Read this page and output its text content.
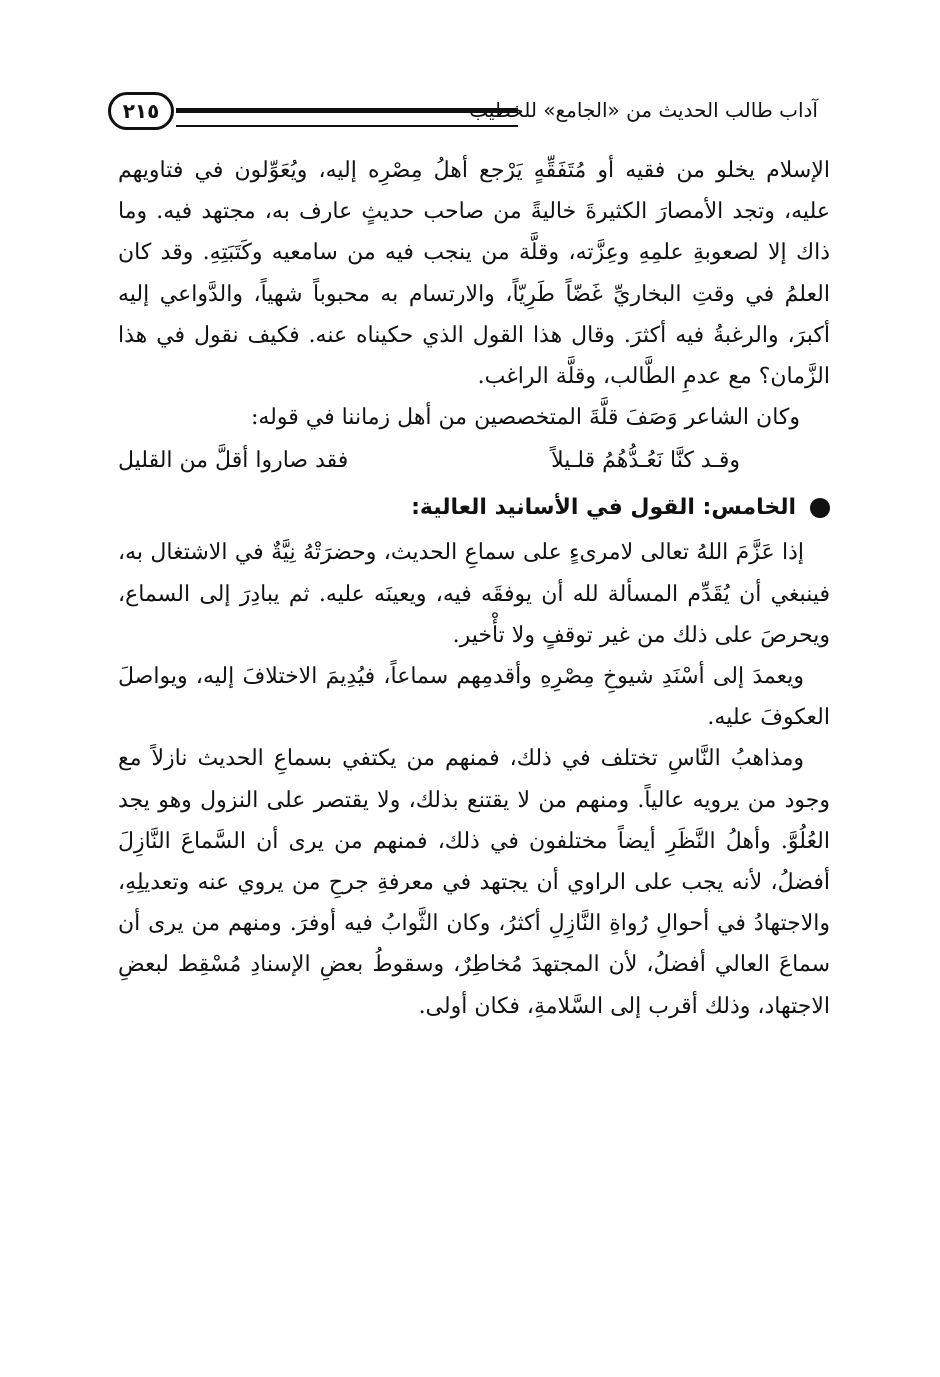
آداب طالب الحديث من «الجامع» للخطيب
٢١٥

الإسلام يخلو من فقيه أو مُتَفَقِّهٍ يَرْجع أهلُ مِصْرِه إليه، ويُعَوِّلون في فتاويهم عليه، وتجد الأمصارَ الكثيرةَ خاليةً من صاحب حديثٍ عارف به، مجتهد فيه. وما ذاك إلا لصعوبةِ علمِهِ وعِزَّته، وقلَّة من ينجب فيه من سامعيه وكَتَبَتِهِ. وقد كان العلمُ في وقتِ البخاريِّ غَضّاً طَرِيّاً، والارتسام به محبوباً شهياً، والدَّواعي إليه أكبرَ، والرغبةُ فيه أكثرَ. وقال هذا القول الذي حكيناه عنه. فكيف نقول في هذا الزَّمان؟ مع عدمِ الطَّالب، وقلَّة الراغب.

وكان الشاعر وَصَفَ قلَّةَ المتخصصين من أهل زماننا في قوله:

وقـد كنَّا نَعُـدُّهُمُ قلـيلاً
فقد صاروا أقلَّ من القليل
الخامس: القول في الأسانيد العالية:

إذا عَزَّمَ اللهُ تعالى لامرىءٍ على سماعِ الحديث، وحضرَتْهُ نِيَّةٌ في الاشتغال به، فينبغي أن يُقَدِّم المسألة لله أن يوفقَه فيه، ويعينَه عليه. ثم يبادِرَ إلى السماع، ويحرصَ على ذلك من غير توقفٍ ولا تأْخير.

ويعمدَ إلى أسْنَدِ شيوخِ مِصْرِهِ وأقدمِهم سماعاً، فيُدِيمَ الاختلافَ إليه، ويواصلَ العكوفَ عليه.

ومذاهبُ النَّاسِ تختلف في ذلك، فمنهم من يكتفي بسماعِ الحديث نازلاً مع وجود من يرويه عالياً. ومنهم من لا يقتنع بذلك، ولا يقتصر على النزول وهو يجد العُلُوَّ. وأهلُ النَّظَرِ أيضاً مختلفون في ذلك، فمنهم من يرى أن السَّماعَ النَّازِلَ أفضلُ، لأنه يجب على الراوي أن يجتهد في معرفةِ جرحِ من يروي عنه وتعديلِهِ، والاجتهادُ في أحوالِ رُواةِ النَّازِلِ أكثرُ، وكان الثَّوابُ فيه أوفرَ. ومنهم من يرى أن سماعَ العالي أفضلُ، لأن المجتهدَ مُخاطِرٌ، وسقوطُ بعضِ الإسنادِ مُسْقِط لبعضِ الاجتهاد، وذلك أقرب إلى السَّلامةِ، فكان أولى.
